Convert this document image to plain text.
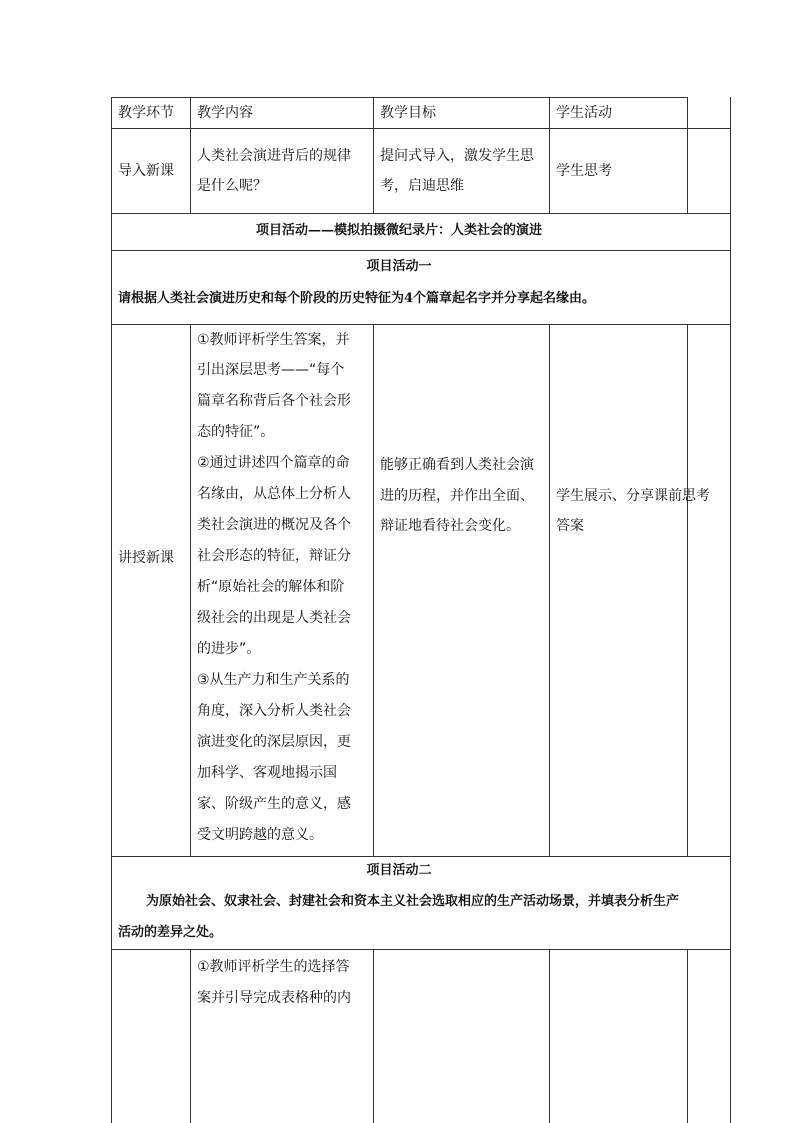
教学环节 教学内容	教学目标	学生活动
导入新课
人类社会演进背后的规律是什么呢？
提问式导入，激发学生思考，启迪思维
学生思考
项目活动——模拟拍摄微纪录片：人类社会的演进
项目活动一
请根据人类社会演进历史和每个阶段的历史特征为4个篇章起名字并分享起名缘由。
讲授新课
①教师评析学生答案，并
引出深层思考——“每个
篇章名称背后各个社会形
态的特征”。
②通过讲述四个篇章的命
名缘由，从总体上分析人
类社会演进的概况及各个
社会形态的特征，辩证分
析“原始社会的解体和阶
级社会的出现是人类社会
的进步”。
③从生产力和生产关系的
角度，深入分析人类社会
演进变化的深层原因，更
加科学、客观地揭示国
家、阶级产生的意义，感
受文明跨越的意义。
能够正确看到人类社会演
进的历程，并作出全面、
辩证地看待社会变化。
学生展示、分享课前思考
答案
项目活动二
为原始社会、奴隶社会、封建社会和资本主义社会选取相应的生产活动场景，并填表分析生产
活动的差异之处。
①教师评析学生的选择答
案并引导完成表格种的内
